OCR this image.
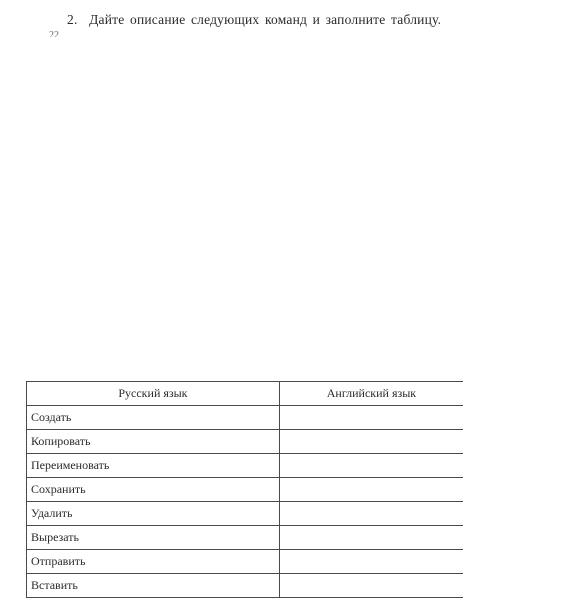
2. Дайте описание следующих команд и заполните таблицу.
22
Русский язык	Английский язык
Создать	
Копировать	
Переименовать	
Сохранить	
Удалить	
Вырезать	
Отправить	
Вставить	
